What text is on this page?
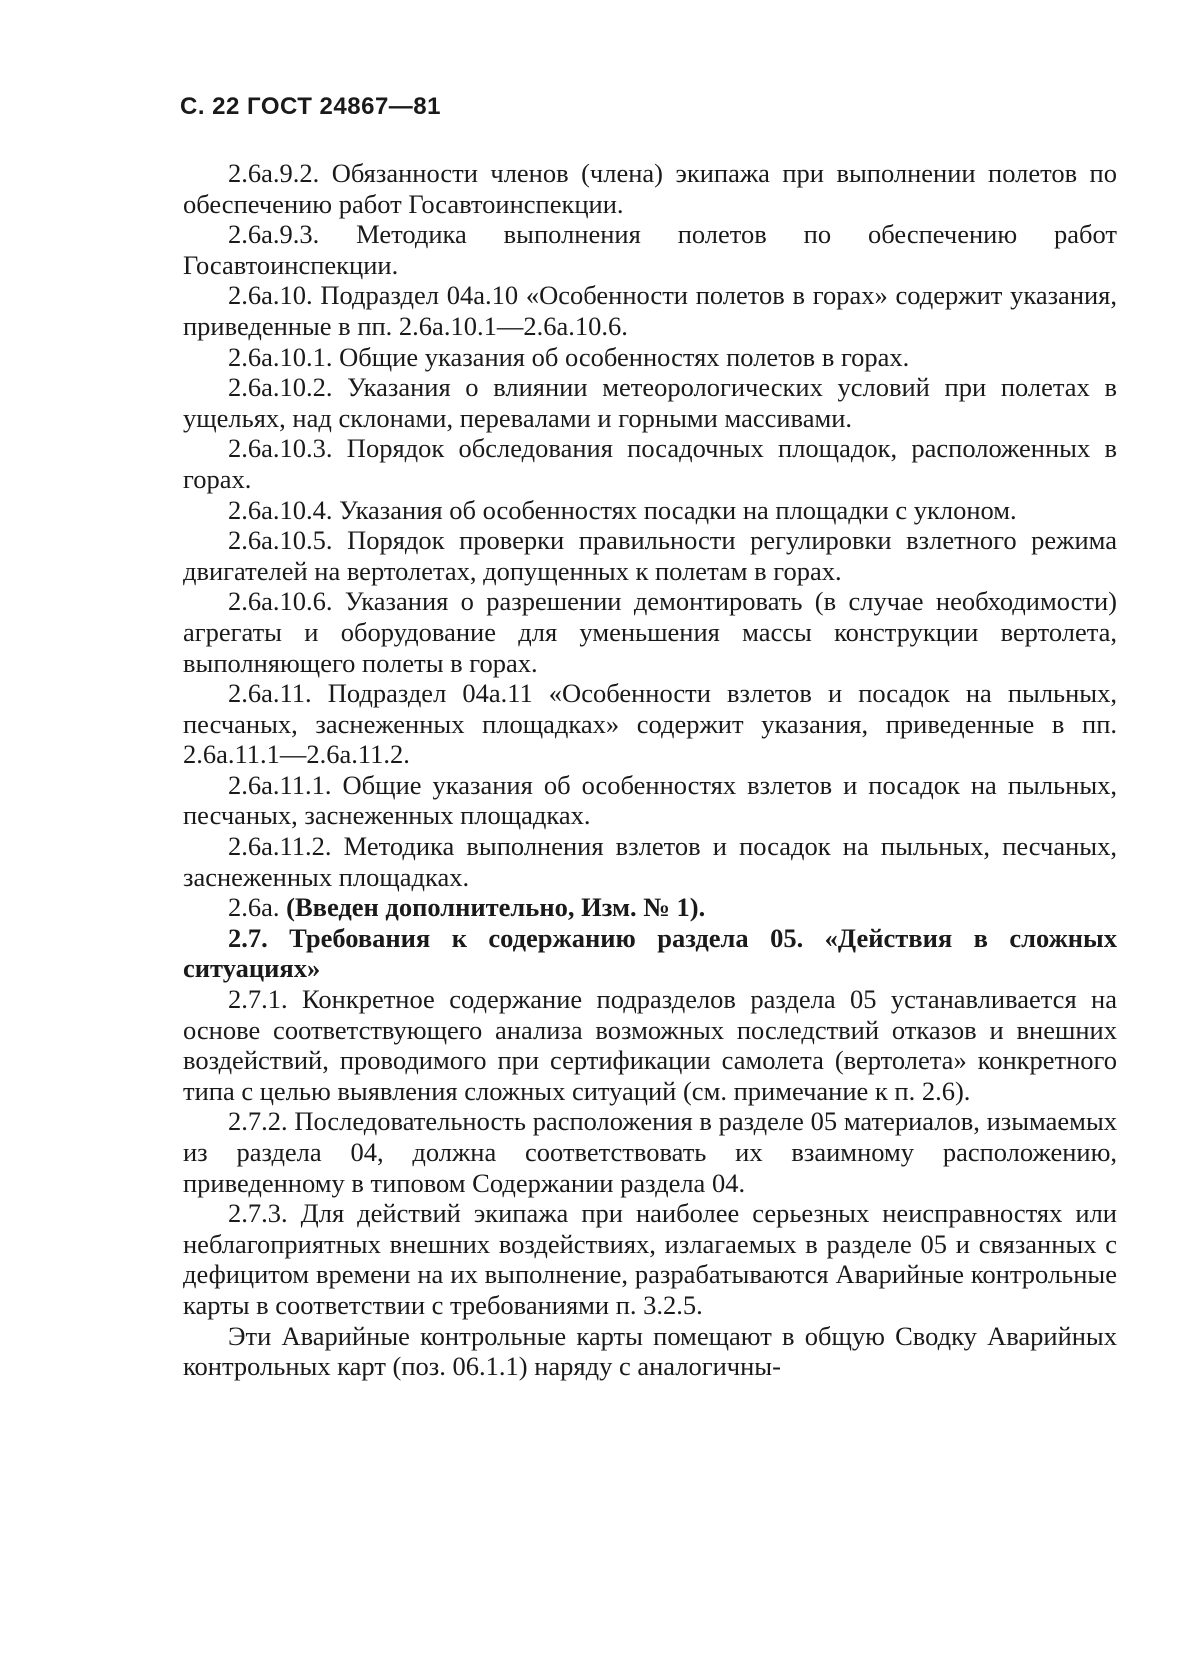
С. 22 ГОСТ 24867—81

2.6а.9.2. Обязанности членов (члена) экипажа при выполнении полетов по обеспечению работ Госавтоинспекции.

2.6а.9.3. Методика выполнения полетов по обеспечению работ Госавтоинспекции.

2.6а.10. Подраздел 04а.10 «Особенности полетов в горах» содержит указания, приведенные в пп. 2.6а.10.1—2.6а.10.6.

2.6а.10.1. Общие указания об особенностях полетов в горах.

2.6а.10.2. Указания о влиянии метеорологических условий при полетах в ущельях, над склонами, перевалами и горными массивами.

2.6а.10.3. Порядок обследования посадочных площадок, расположенных в горах.

2.6а.10.4. Указания об особенностях посадки на площадки с уклоном.

2.6а.10.5. Порядок проверки правильности регулировки взлетного режима двигателей на вертолетах, допущенных к полетам в горах.

2.6а.10.6. Указания о разрешении демонтировать (в случае необходимости) агрегаты и оборудование для уменьшения массы конструкции вертолета, выполняющего полеты в горах.

2.6а.11. Подраздел 04а.11 «Особенности взлетов и посадок на пыльных, песчаных, заснеженных площадках» содержит указания, приведенные в пп. 2.6а.11.1—2.6а.11.2.

2.6а.11.1. Общие указания об особенностях взлетов и посадок на пыльных, песчаных, заснеженных площадках.

2.6а.11.2. Методика выполнения взлетов и посадок на пыльных, песчаных, заснеженных площадках.

2.6а. (Введен дополнительно, Изм. № 1).

2.7. Требования к содержанию раздела 05. «Действия в сложных ситуациях»

2.7.1. Конкретное содержание подразделов раздела 05 устанавливается на основе соответствующего анализа возможных последствий отказов и внешних воздействий, проводимого при сертификации самолета (вертолета» конкретного типа с целью выявления сложных ситуаций (см. примечание к п. 2.6).

2.7.2. Последовательность расположения в разделе 05 материалов, изымаемых из раздела 04, должна соответствовать их взаимному расположению, приведенному в типовом Содержании раздела 04.

2.7.3. Для действий экипажа при наиболее серьезных неисправностях или неблагоприятных внешних воздействиях, излагаемых в разделе 05 и связанных с дефицитом времени на их выполнение, разрабатываются Аварийные контрольные карты в соответствии с требованиями п. 3.2.5.

Эти Аварийные контрольные карты помещают в общую Сводку Аварийных контрольных карт (поз. 06.1.1) наряду с аналогичны-
